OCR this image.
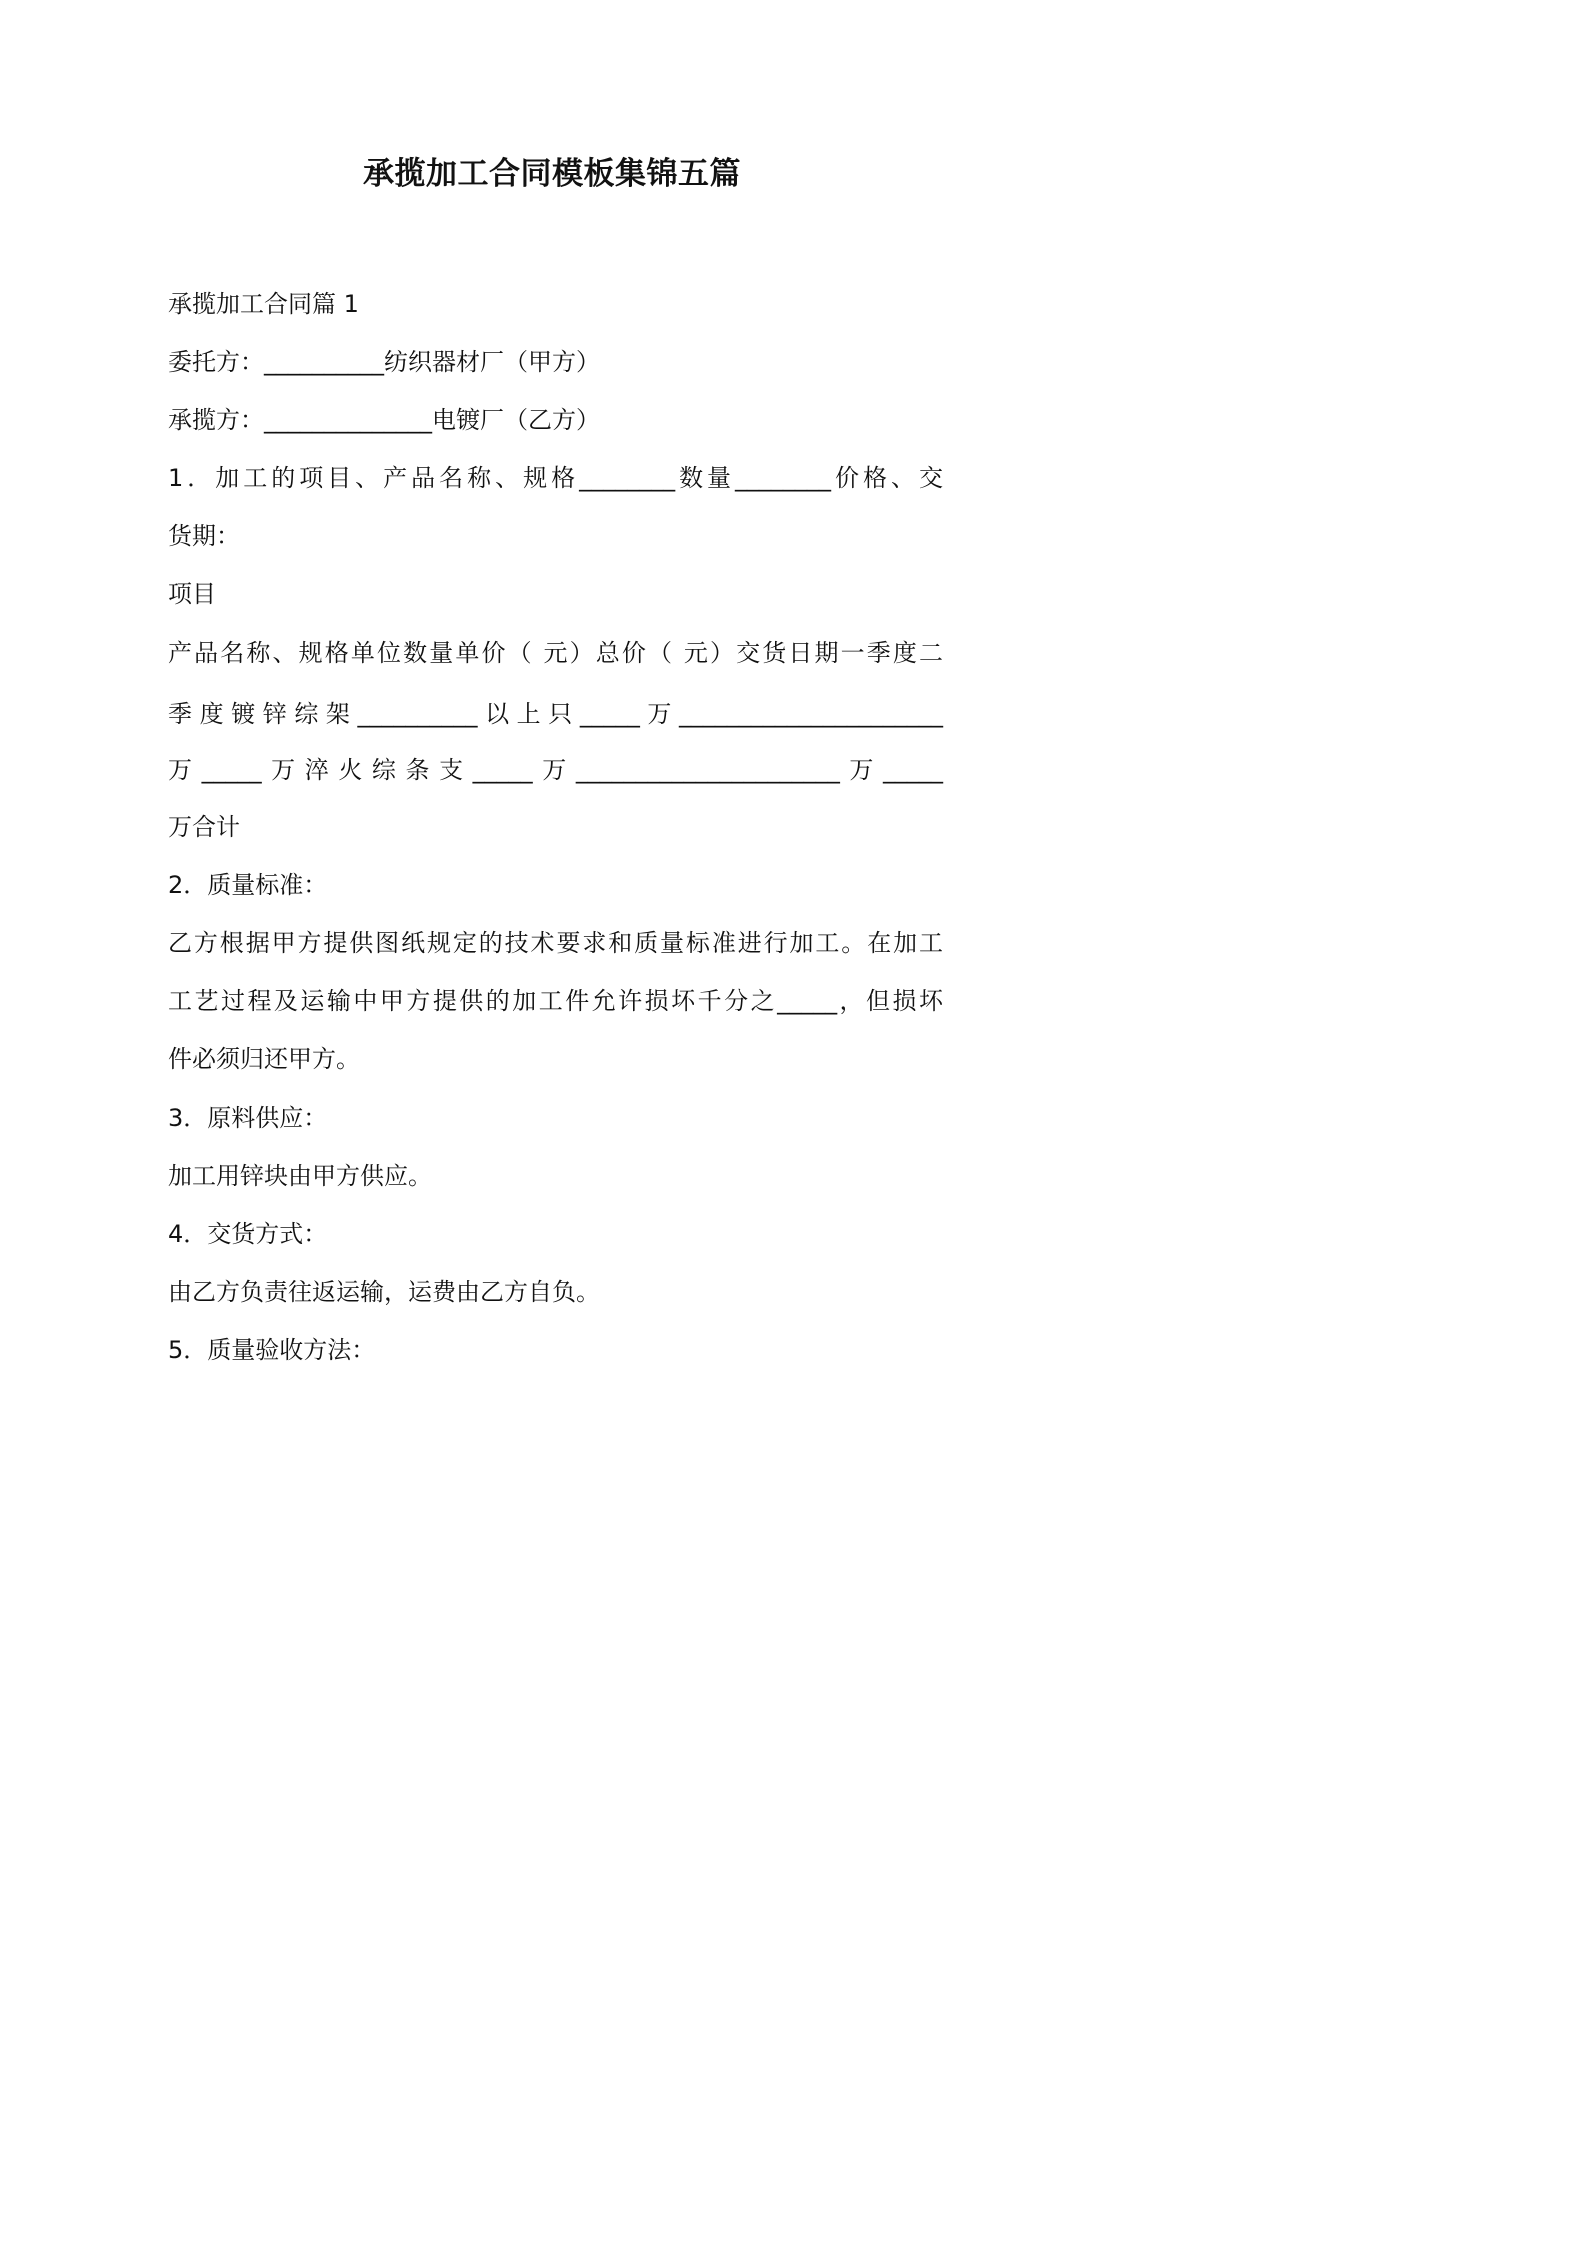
承揽加工合同模板集锦五篇

承揽加工合同篇 1

委托方：__________纺织器材厂（甲方）

承揽方：______________电镀厂（乙方）

1．加工的项目、产品名称、规格________数量________价格、交

货期：

项目

产品名称、规格单位数量单价（ 元）总价（ 元）交货日期一季度二

季度镀锌综架__________以上只_____万______________________

万_____万淬火综条支_____万______________________万_____

万合计

2．质量标准：

乙方根据甲方提供图纸规定的技术要求和质量标准进行加工。在加工

工艺过程及运输中甲方提供的加工件允许损坏千分之_____，但损坏

件必须归还甲方。

3．原料供应：

加工用锌块由甲方供应。

4．交货方式：

由乙方负责往返运输，运费由乙方自负。

5．质量验收方法：
